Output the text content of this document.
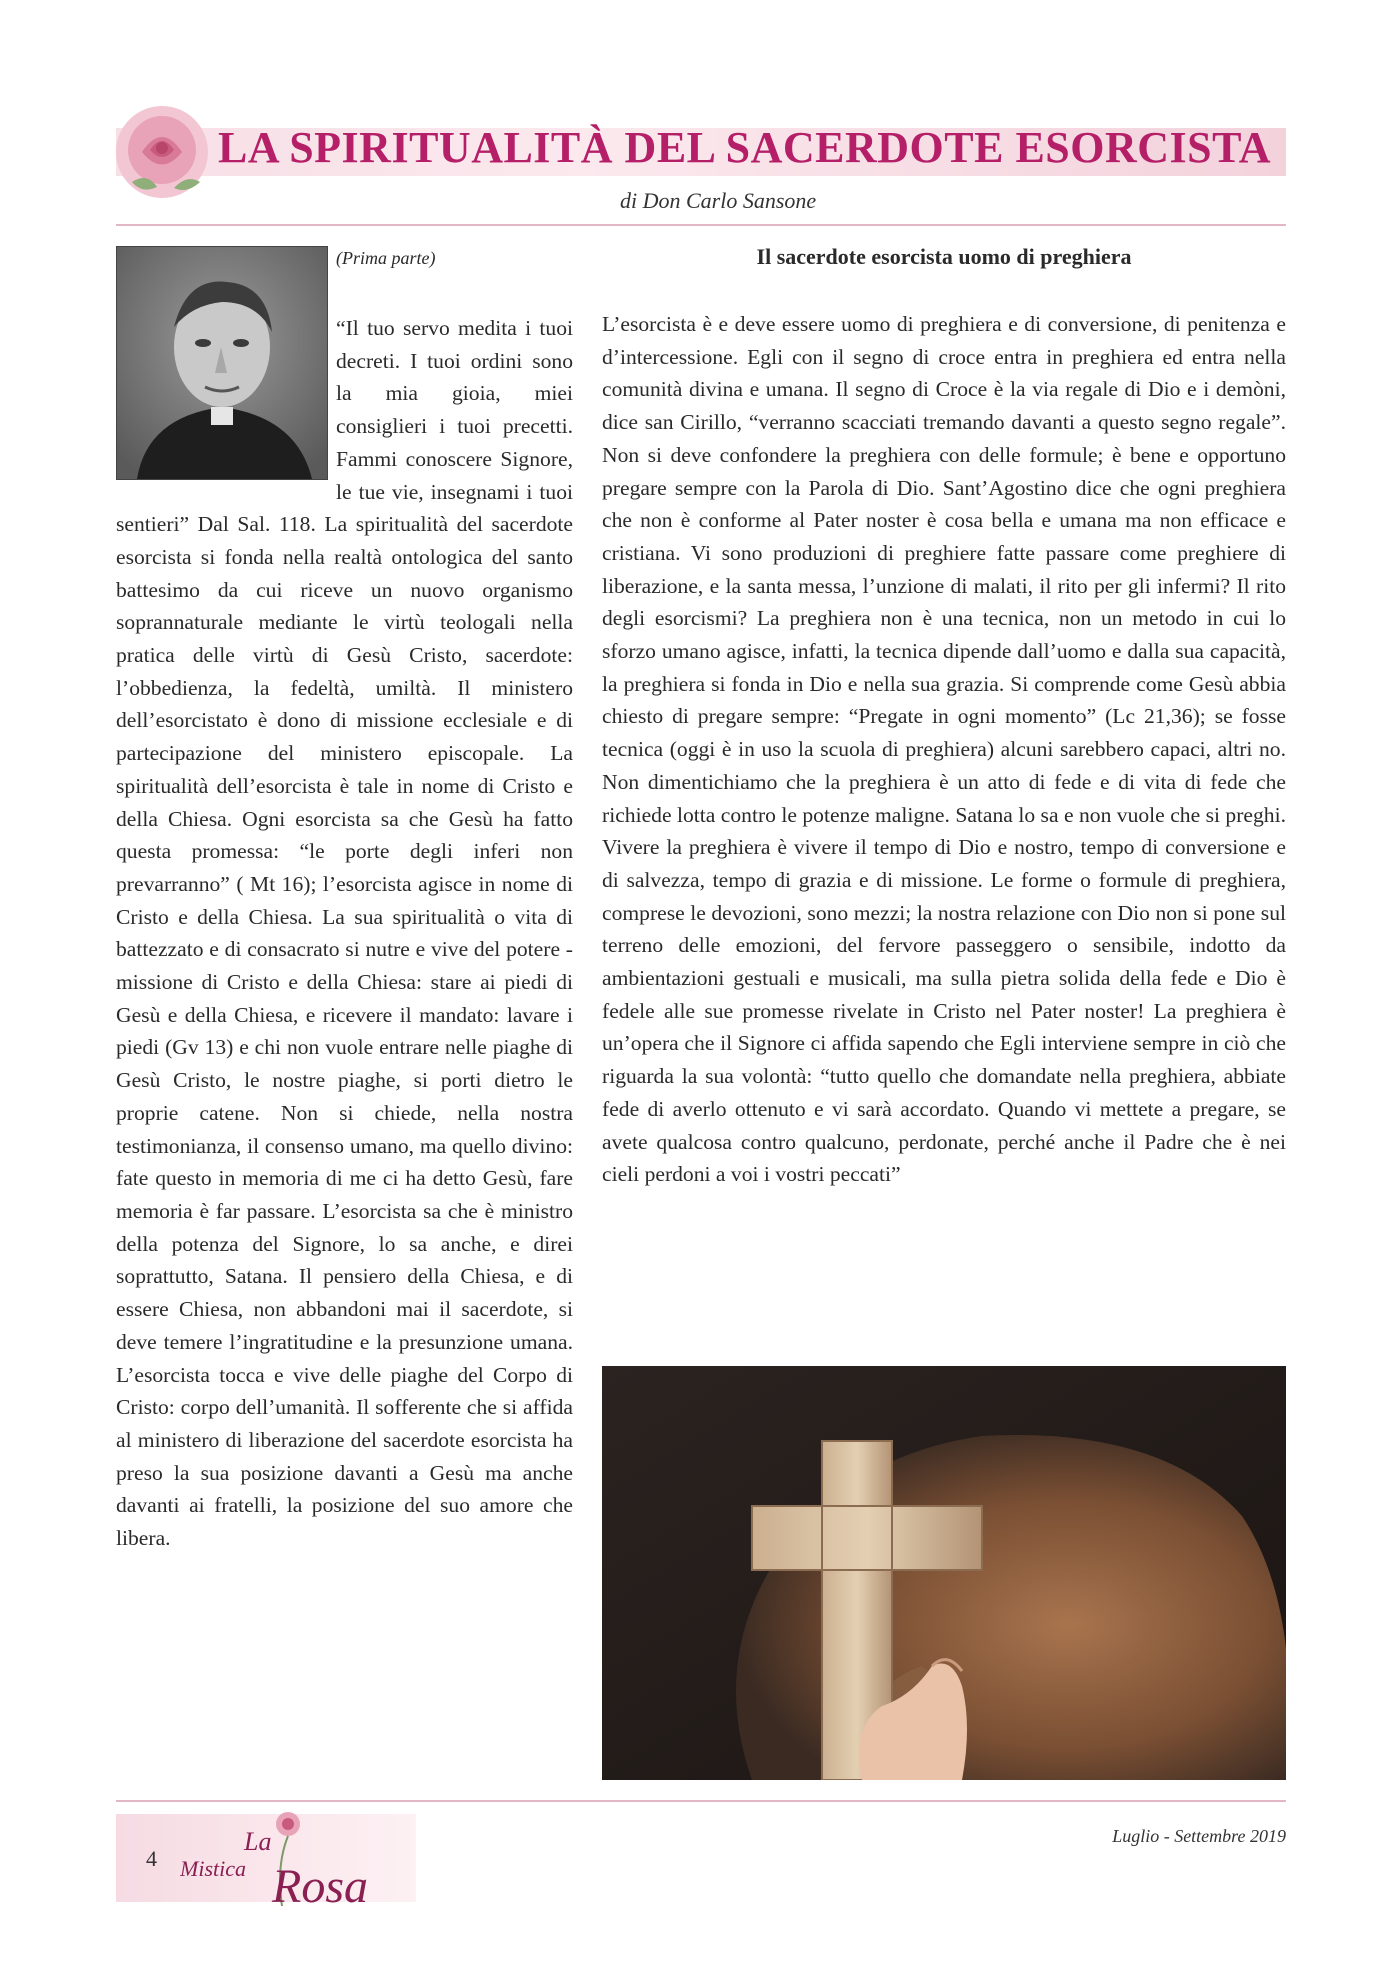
LA SPIRITUALITÀ DEL SACERDOTE ESORCISTA
di Don Carlo Sansone
(Prima parte)
“Il tuo servo medita i tuoi decreti. I tuoi ordini sono la mia gioia, miei consiglieri i tuoi precetti. Fammi conoscere Signore, le tue vie, insegnami i tuoi sentieri” Dal Sal. 118. La spiritualità del sacerdote esorcista si fonda nella realtà ontologica del santo battesimo da cui riceve un nuovo organismo soprannaturale mediante le virtù teologali nella pratica delle virtù di Gesù Cristo, sacerdote: l’obbedienza, la fedeltà, umiltà. Il ministero dell’esorcistato è dono di missione ecclesiale e di partecipazione del ministero episcopale. La spiritualità dell’esorcista è tale in nome di Cristo e della Chiesa. Ogni esorcista sa che Gesù ha fatto questa promessa: “le porte degli inferi non prevarranno” ( Mt 16); l’esorcista agisce in nome di Cristo e della Chiesa. La sua spiritualità o vita di battezzato e di consacrato si nutre e vive del potere - missione di Cristo e della Chiesa: stare ai piedi di Gesù e della Chiesa, e ricevere il mandato: lavare i piedi (Gv 13) e chi non vuole entrare nelle piaghe di Gesù Cristo, le nostre piaghe, si porti dietro le proprie catene. Non si chiede, nella nostra testimonianza, il consenso umano, ma quello divino: fate questo in memoria di me ci ha detto Gesù, fare memoria è far passare. L’esorcista sa che è ministro della potenza del Signore, lo sa anche, e direi soprattutto, Satana. Il pensiero della Chiesa, e di essere Chiesa, non abbandoni mai il sacerdote, si deve temere l’ingratitudine e la presunzione umana. L’esorcista tocca e vive delle piaghe del Corpo di Cristo: corpo dell’umanità. Il sofferente che si affida al ministero di liberazione del sacerdote esorcista ha preso la sua posizione davanti a Gesù ma anche davanti ai fratelli, la posizione del suo amore che libera.
Il sacerdote esorcista uomo di preghiera
L’esorcista è e deve essere uomo di preghiera e di conversione, di penitenza e d’intercessione. Egli con il segno di croce entra in preghiera ed entra nella comunità divina e umana. Il segno di Croce è la via regale di Dio e i demòni, dice san Cirillo, “verranno scacciati tremando davanti a questo segno regale”. Non si deve confondere la preghiera con delle formule; è bene e opportuno pregare sempre con la Parola di Dio. Sant’Agostino dice che ogni preghiera che non è conforme al Pater noster è cosa bella e umana ma non efficace e cristiana. Vi sono produzioni di preghiere fatte passare come preghiere di liberazione, e la santa messa, l’unzione di malati, il rito per gli infermi? Il rito degli esorcismi? La preghiera non è una tecnica, non un metodo in cui lo sforzo umano agisce, infatti, la tecnica dipende dall’uomo e dalla sua capacità, la preghiera si fonda in Dio e nella sua grazia. Si comprende come Gesù abbia chiesto di pregare sempre: “Pregate in ogni momento” (Lc 21,36); se fosse tecnica (oggi è in uso la scuola di preghiera) alcuni sarebbero capaci, altri no. Non dimentichiamo che la preghiera è un atto di fede e di vita di fede che richiede lotta contro le potenze maligne. Satana lo sa e non vuole che si preghi. Vivere la preghiera è vivere il tempo di Dio e nostro, tempo di conversione e di salvezza, tempo di grazia e di missione. Le forme o formule di preghiera, comprese le devozioni, sono mezzi; la nostra relazione con Dio non si pone sul terreno delle emozioni, del fervore passeggero o sensibile, indotto da ambientazioni gestuali e musicali, ma sulla pietra solida della fede e Dio è fedele alle sue promesse rivelate in Cristo nel Pater noster! La preghiera è un’opera che il Signore ci affida sapendo che Egli interviene sempre in ciò che riguarda la sua volontà: “tutto quello che domandate nella preghiera, abbiate fede di averlo ottenuto e vi sarà accordato. Quando vi mettete a pregare, se avete qualcosa contro qualcuno, perdonate, perché anche il Padre che è nei cieli perdoni a voi i vostri peccati”
4
La
Mistica Rosa
Luglio - Settembre 2019
